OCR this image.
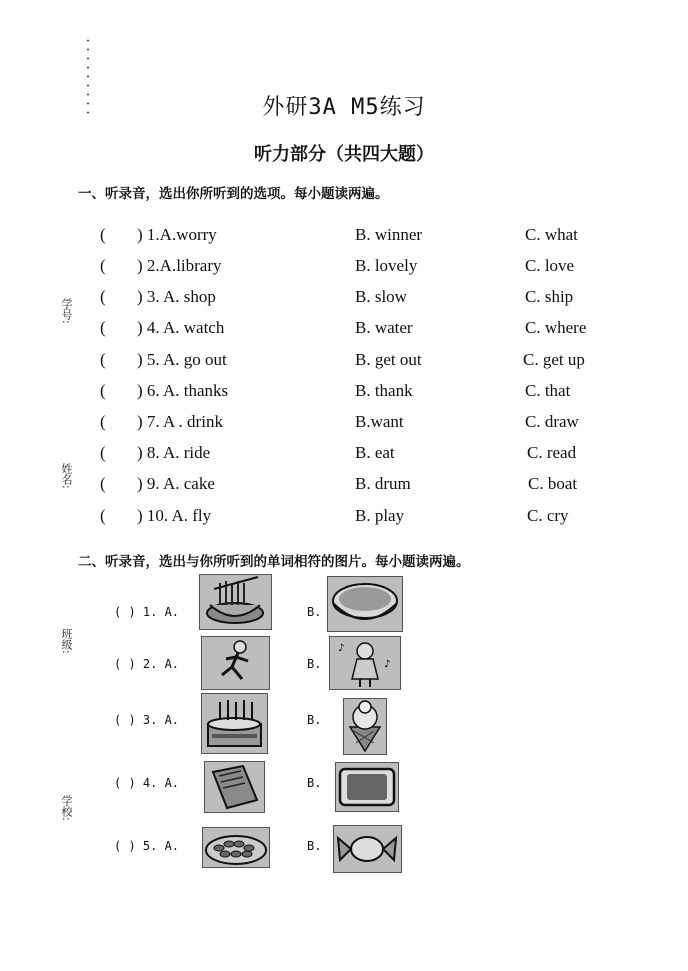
学号:
姓名:
班级:
学校:
外研3A M5练习
听力部分（共四大题）
一、听录音，选出你所听到的选项。每小题读两遍。
( ) 1.A.worry	B. winner	C. what
( ) 2.A.library	B. lovely	C. love
( ) 3. A. shop	B. slow	C. ship
( ) 4. A. watch	B. water	C. where
( ) 5. A. go out	B. get out	C. get up
( ) 6. A. thanks	B. thank	C. that
( ) 7. A . drink	B.want	C. draw
( ) 8. A. ride	B. eat	C. read
( ) 9. A. cake	B. drum	C. boat
( ) 10. A. fly	B. play	C. cry
二、听录音，选出与你所听到的单词相符的图片。每小题读两遍。
( ) 1. A.	B.
( ) 2. A.	B.
♪
♪
( ) 3. A.	B.
( ) 4. A.	B.
( ) 5. A.	B.
